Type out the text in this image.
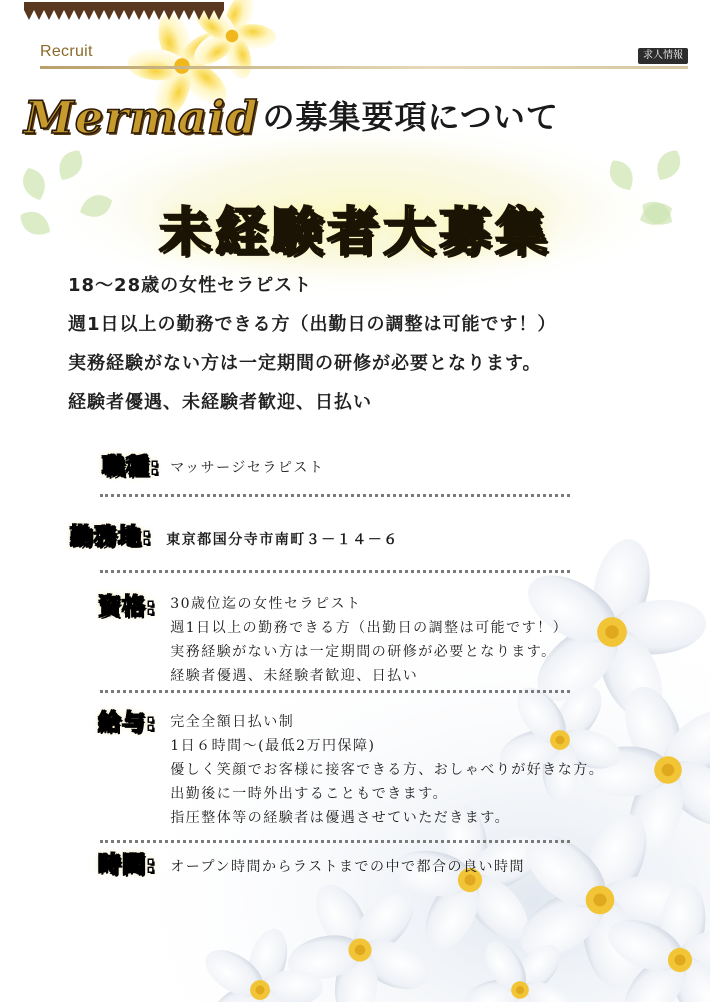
Recruit	求人情報
Mermaid の募集要項について
未経験者大募集
18～28歳の女性セラピスト
週1日以上の勤務できる方（出勤日の調整は可能です！）
実務経験がない方は一定期間の研修が必要となります。
経験者優遇、未経験者歓迎、日払い
職種: マッサージセラピスト
勤務地: 東京都国分寺市南町３－１４－６
資格: 30歳位迄の女性セラピスト
週1日以上の勤務できる方（出勤日の調整は可能です！）
実務経験がない方は一定期間の研修が必要となります。
経験者優遇、未経験者歓迎、日払い
給与: 完全全額日払い制
1日６時間～(最低2万円保障)
優しく笑顔でお客様に接客できる方、おしゃべりが好きな方。
出勤後に一時外出することもできます。
指圧整体等の経験者は優遇させていただきます。
時間: オープン時間からラストまでの中で都合の良い時間
